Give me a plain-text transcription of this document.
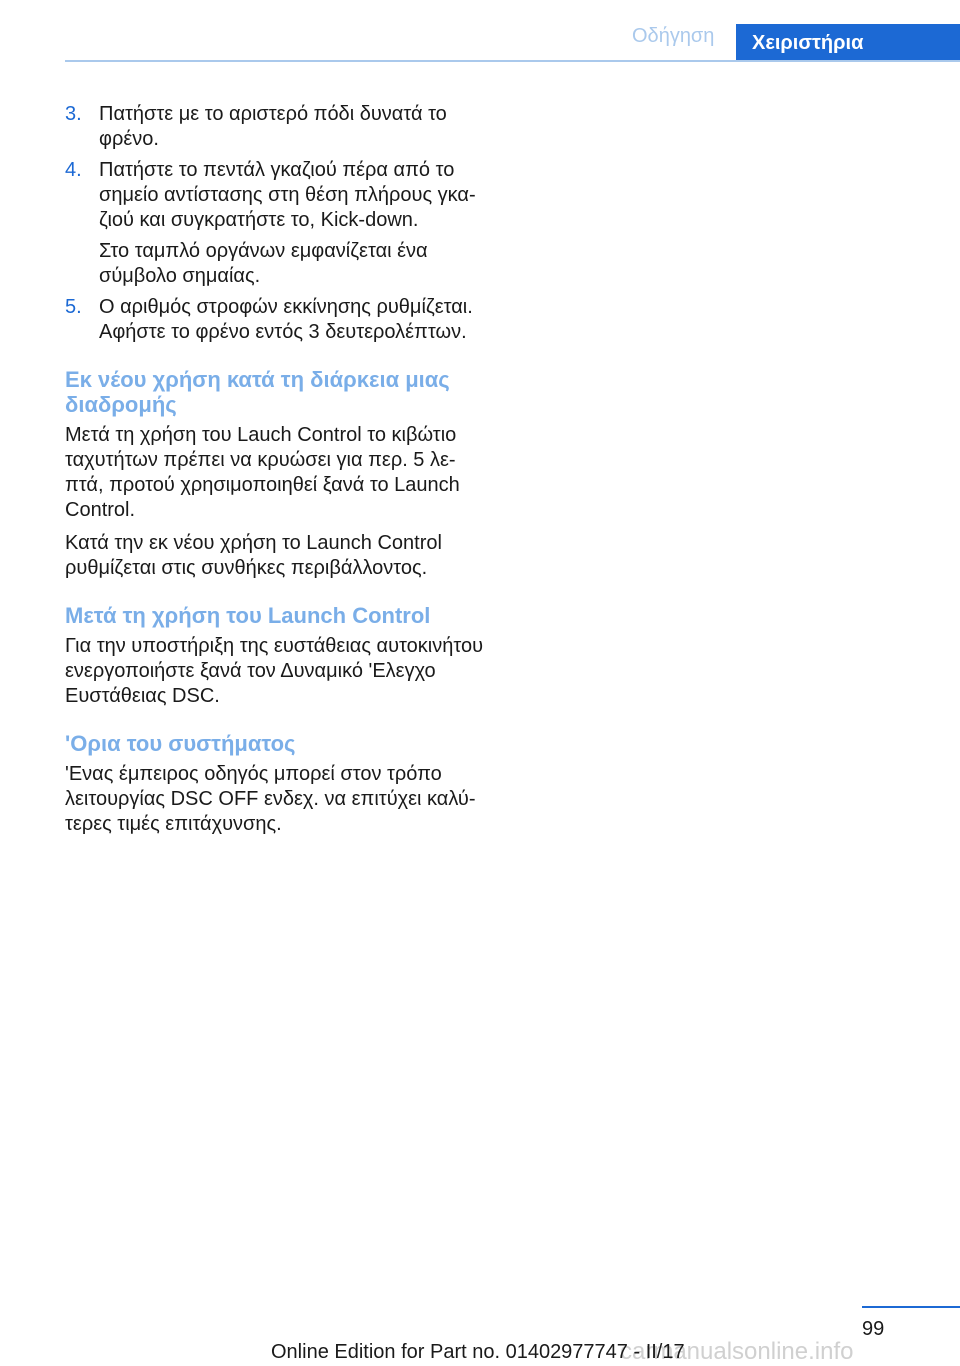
Οδήγηση	Χειριστήρια
3. Πατήστε με το αριστερό πόδι δυνατά το φρένο.

4. Πατήστε το πεντάλ γκαζιού πέρα από το σημείο αντίστασης στη θέση πλήρους γκαζιού και συγκρατήστε το, Kick-down.

Στο ταμπλό οργάνων εμφανίζεται ένα σύμβολο σημαίας.

5. Ο αριθμός στροφών εκκίνησης ρυθμίζεται. Αφήστε το φρένο εντός 3 δευτερολέπτων.

Εκ νέου χρήση κατά τη διάρκεια μιας διαδρομής

Μετά τη χρήση του Lauch Control το κιβώτιο ταχυτήτων πρέπει να κρυώσει για περ. 5 λεπτά, προτού χρησιμοποιηθεί ξανά το Launch Control.

Κατά την εκ νέου χρήση το Launch Control ρυθμίζεται στις συνθήκες περιβάλλοντος.

Μετά τη χρήση του Launch Control

Για την υποστήριξη της ευστάθειας αυτοκινήτου ενεργοποιήστε ξανά τον Δυναμικό 'Ελεγχο Ευστάθειας DSC.

'Ορια του συστήματος

'Ενας έμπειρος οδηγός μπορεί στον τρόπο λειτουργίας DSC OFF ενδεχ. να επιτύχει καλύτερες τιμές επιτάχυνσης.

99
carmanualsonline.info
Online Edition for Part no. 01402977747 - II/17
